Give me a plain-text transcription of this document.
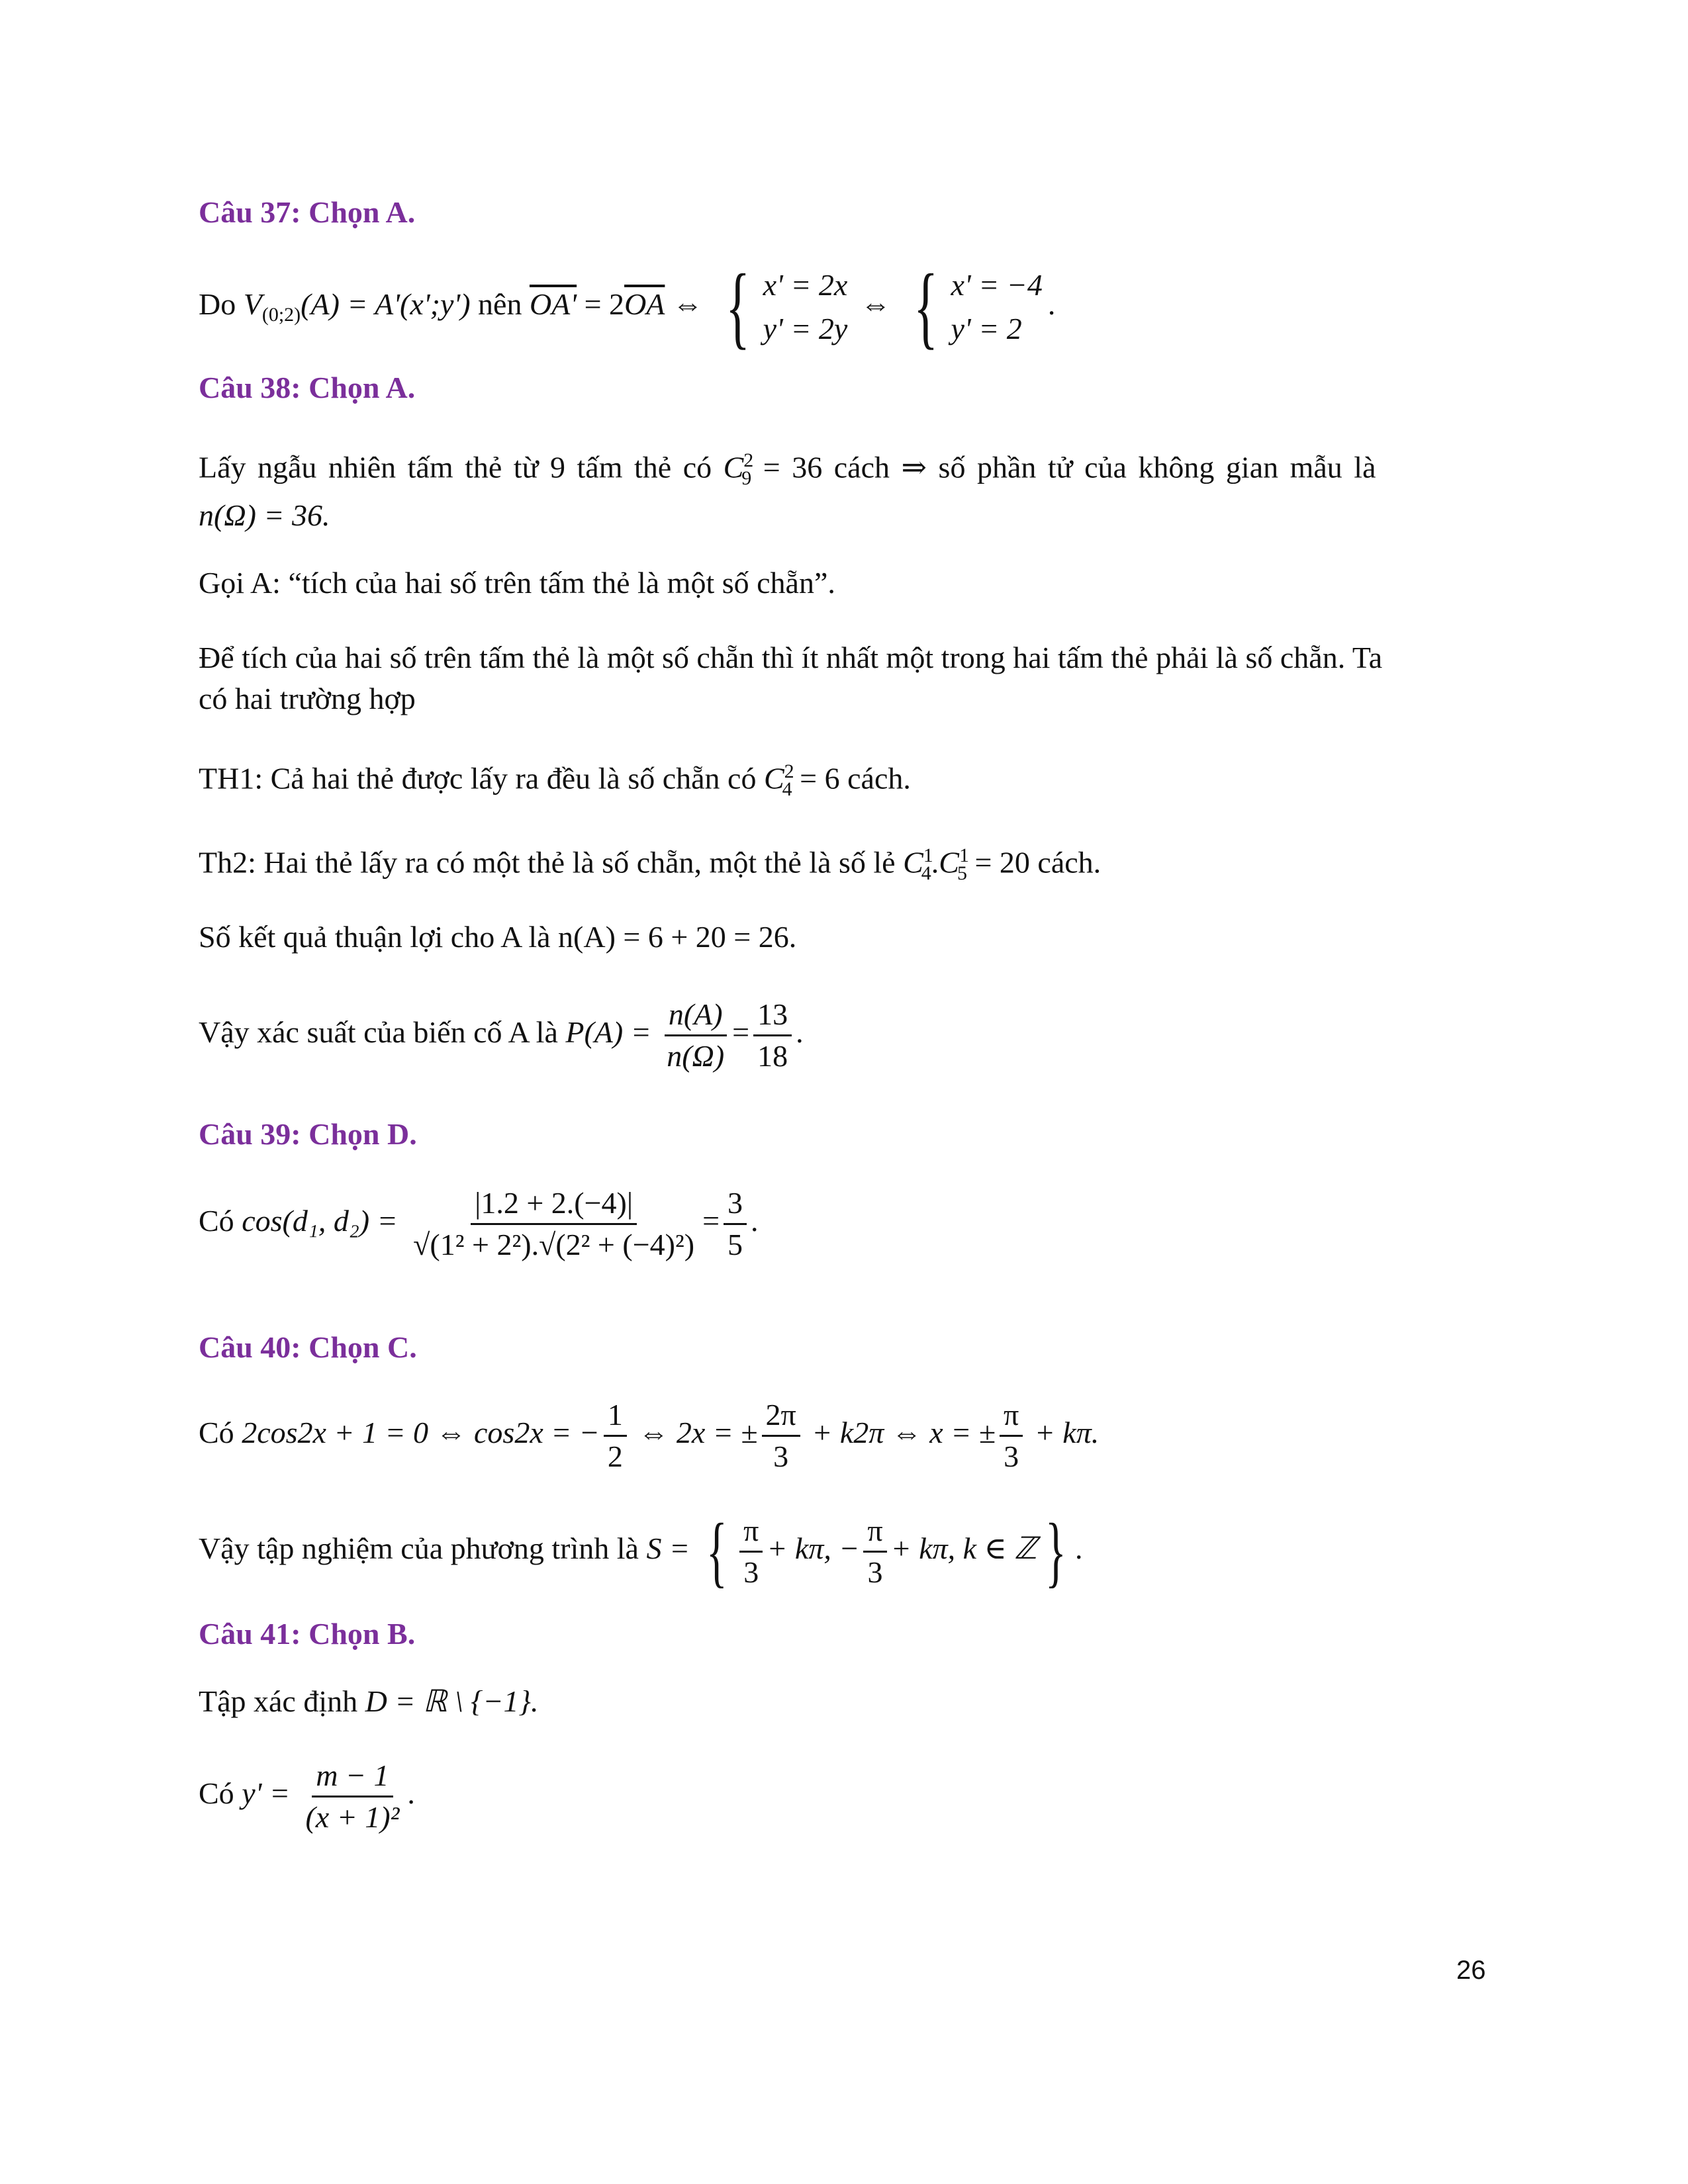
Câu 37: Chọn A.
Do $V_{(0;2)}(A)$ = A'(x';y') nên $OA' = 2\overline{OA}$ ⇔ { x' = 2x
y' = 2y
⇔ { x' = −4
y' = 2
.
Câu 38: Chọn A.
Lấy ngẫu nhiên tấm thẻ từ 9 tấm thẻ có $C^2_9 = 36$ cách ⇒ số phần tử của không gian mẫu là
n(Ω) = 36.
Gọi A: “tích của hai số trên tấm thẻ là một số chẵn”.
Để tích của hai số trên tấm thẻ là một số chẵn thì ít nhất một trong hai tấm thẻ phải là số chẵn. Ta
có hai trường hợp
TH1: Cả hai thẻ được lấy ra đều là số chẵn có $C^2_4 = 6$ cách.
Th2: Hai thẻ lấy ra có một thẻ là số chẵn, một thẻ là số lẻ $C^1_4.C^1_5 = 20$ cách.
Số kết quả thuận lợi cho A là n(A) = 6 + 20 = 26.
Vậy xác suất của biến cố A là $P(A) = \frac{n(A)}{n(\Omega)} = \frac{13}{18}$ .
Câu 39: Chọn D.
Có cos(d₁, $d_2) = \frac{|1.2 + 2.(-4)|}{\text{√(1² + 2²).√(2² + (−4)²)}} = \frac{3}{5}$ .
Câu 40: Chọn C.
Có 2cos2x + 1 = 0 ⇔ cos2x = − $\frac{1}{2}$ ⇔ 2x = ± $\frac{2\pi}{3} + k2\pi$ ⇔ x = ± $\frac{\pi}{3} + k\pi$.
Vậy tập nghiệm của phương trình là S = { $\frac{\pi}{3} + k\pi$, − $\frac{\pi}{3} + k\pi$, k ∈ ℤ } .
Câu 41: Chọn B.
Tập xác định D = ℝ \ {−1}.
Có $y' = \frac{m - 1}{\text{(x + 1)²}}$ .
26
